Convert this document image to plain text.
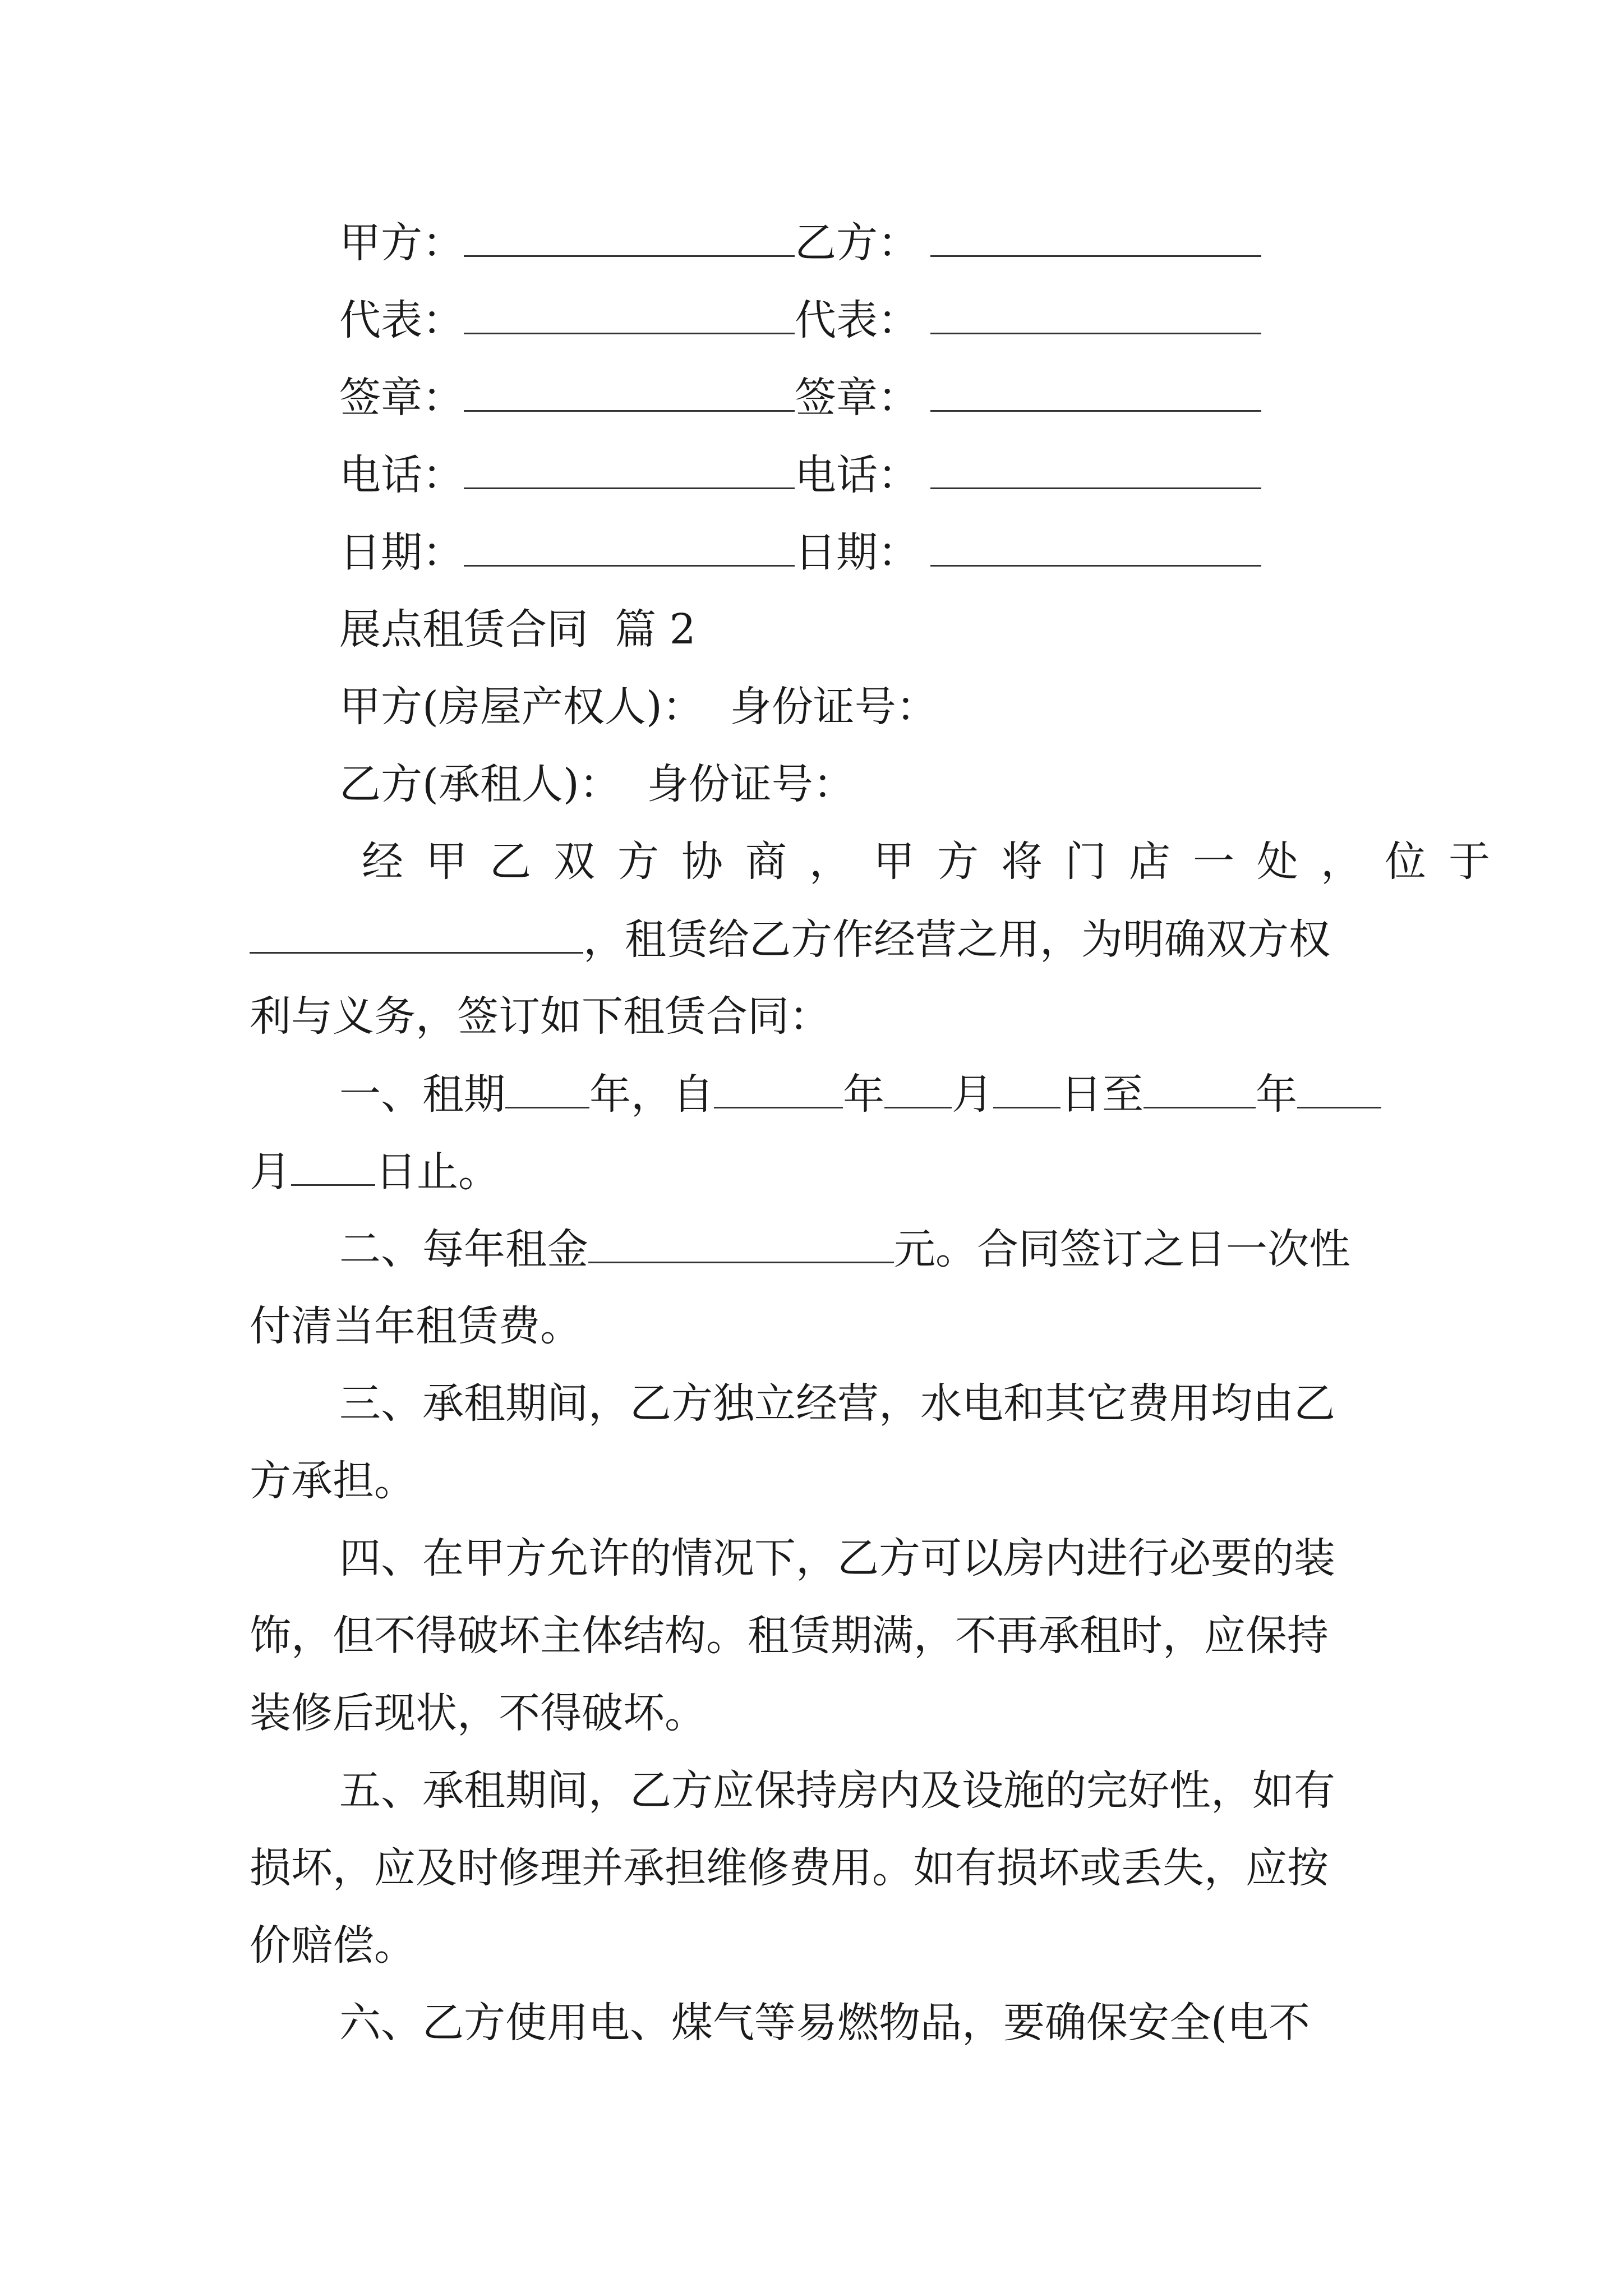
甲方：	乙方：
代表：	代表：
签章：	签章：
电话：	电话：
日期：	日期：
展点租赁合同  篇 2
甲方(房屋产权人)：  身份证号：
乙方(承租人)：  身份证号：
经甲乙双方协商，甲方将门店一处，位于
，租赁给乙方作经营之用，为明确双方权
利与义务，签订如下租赁合同：
一、租期 年，自	年 月 日至	年
月 日止。
二、每年租金	元。合同签订之日一次性
付清当年租赁费。
三、承租期间，乙方独立经营，水电和其它费用均由乙
方承担。
四、在甲方允许的情况下，乙方可以房内进行必要的装
饰，但不得破坏主体结构。租赁期满，不再承租时，应保持
装修后现状，不得破坏。
五、承租期间，乙方应保持房内及设施的完好性，如有
损坏，应及时修理并承担维修费用。如有损坏或丢失，应按
价赔偿。
六、乙方使用电、煤气等易燃物品，要确保安全(电不
